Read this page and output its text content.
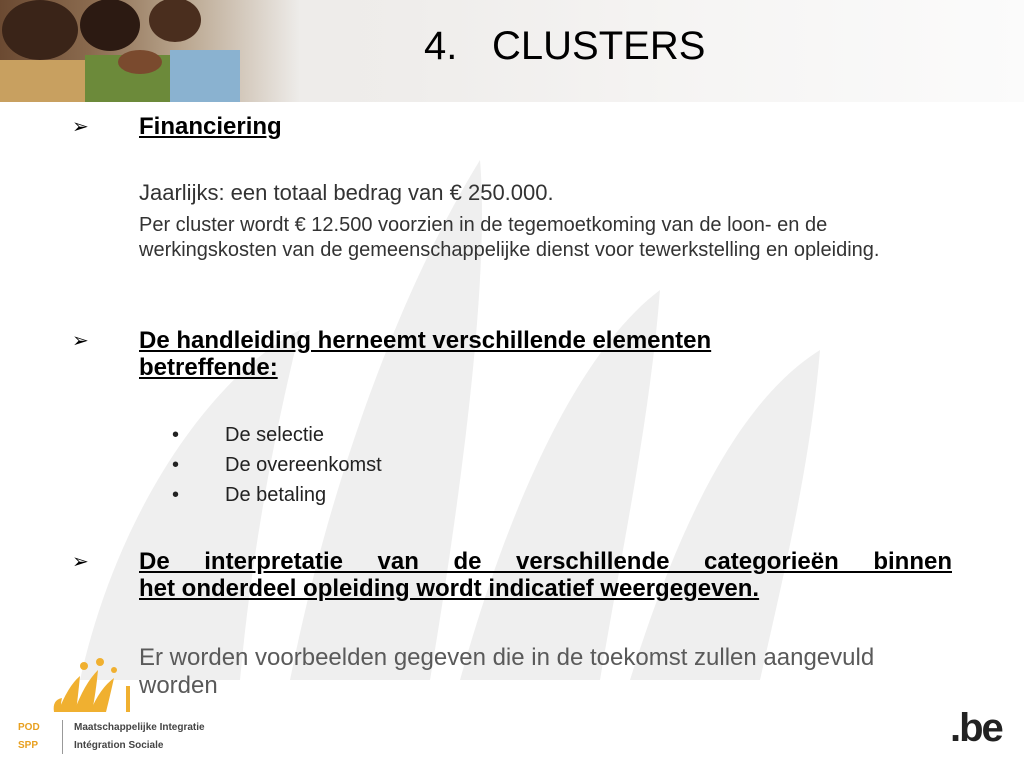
4. CLUSTERS
➢ Financiering
Jaarlijks: een totaal bedrag van € 250.000.
Per cluster wordt € 12.500 voorzien in de tegemoetkoming van de loon- en de werkingskosten van de gemeenschappelijke dienst voor tewerkstelling en opleiding.
➢ De handleiding herneemt verschillende elementen betreffende:
• De selectie
• De overeenkomst
• De betaling
➢ De interpretatie van de verschillende categorieën binnen
het onderdeel opleiding wordt indicatief weergegeven.
Er worden voorbeelden gegeven die in de toekomst zullen aangevuld worden
POD
SPP
Maatschappelijke Integratie
Intégration Sociale	.be
